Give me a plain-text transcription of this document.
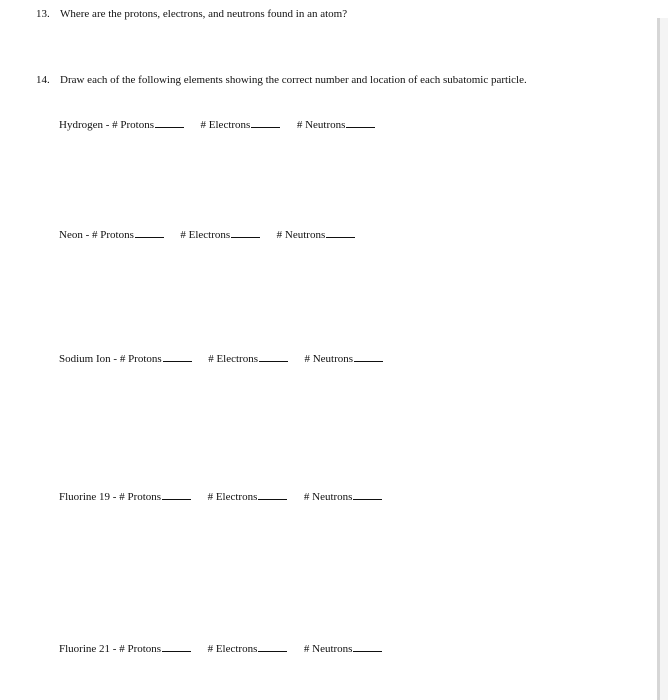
13. Where are the protons, electrons, and neutrons found in an atom?
14. Draw each of the following elements showing the correct number and location of each subatomic particle.
Hydrogen - # Protons	# Electrons	# Neutrons
Neon - # Protons	# Electrons	# Neutrons
Sodium Ion - # Protons	# Electrons	# Neutrons
Fluorine 19 - # Protons	# Electrons	# Neutrons
Fluorine 21 - # Protons	# Electrons	# Neutrons
